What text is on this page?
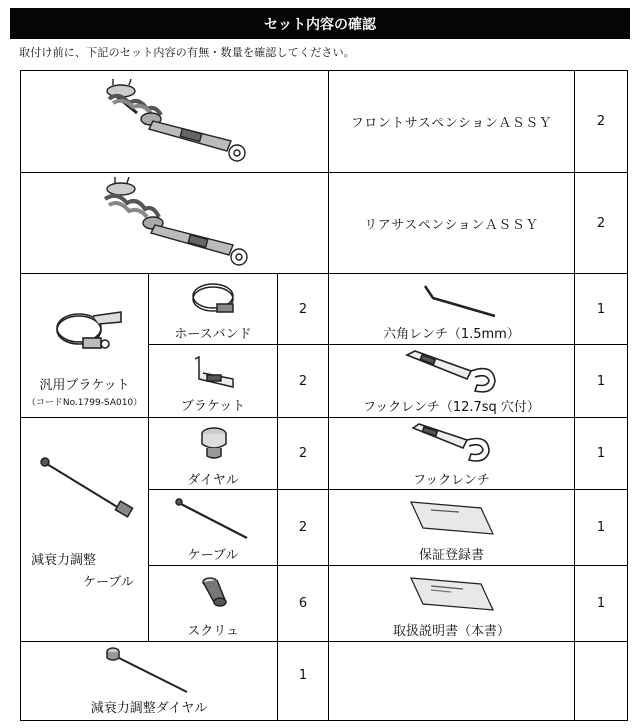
セット内容の確認
取付け前に、下記のセット内容の有無・数量を確認してください。
フロントサスペンションＡＳＳＹ	2
リアサスペンションＡＳＳＹ	2
汎用ブラケット
（コードNo.1799-SA010）
ホースバンド
2
六角レンチ（1.5mm）
1
ブラケット
2
フックレンチ（12.7sq 穴付）
1
減衰力調整
ケーブル
ダイヤル
2
フックレンチ
1
ケーブル
2
保証登録書
1
スクリュ
6
取扱説明書（本書）
1
減衰力調整ダイヤル
1
